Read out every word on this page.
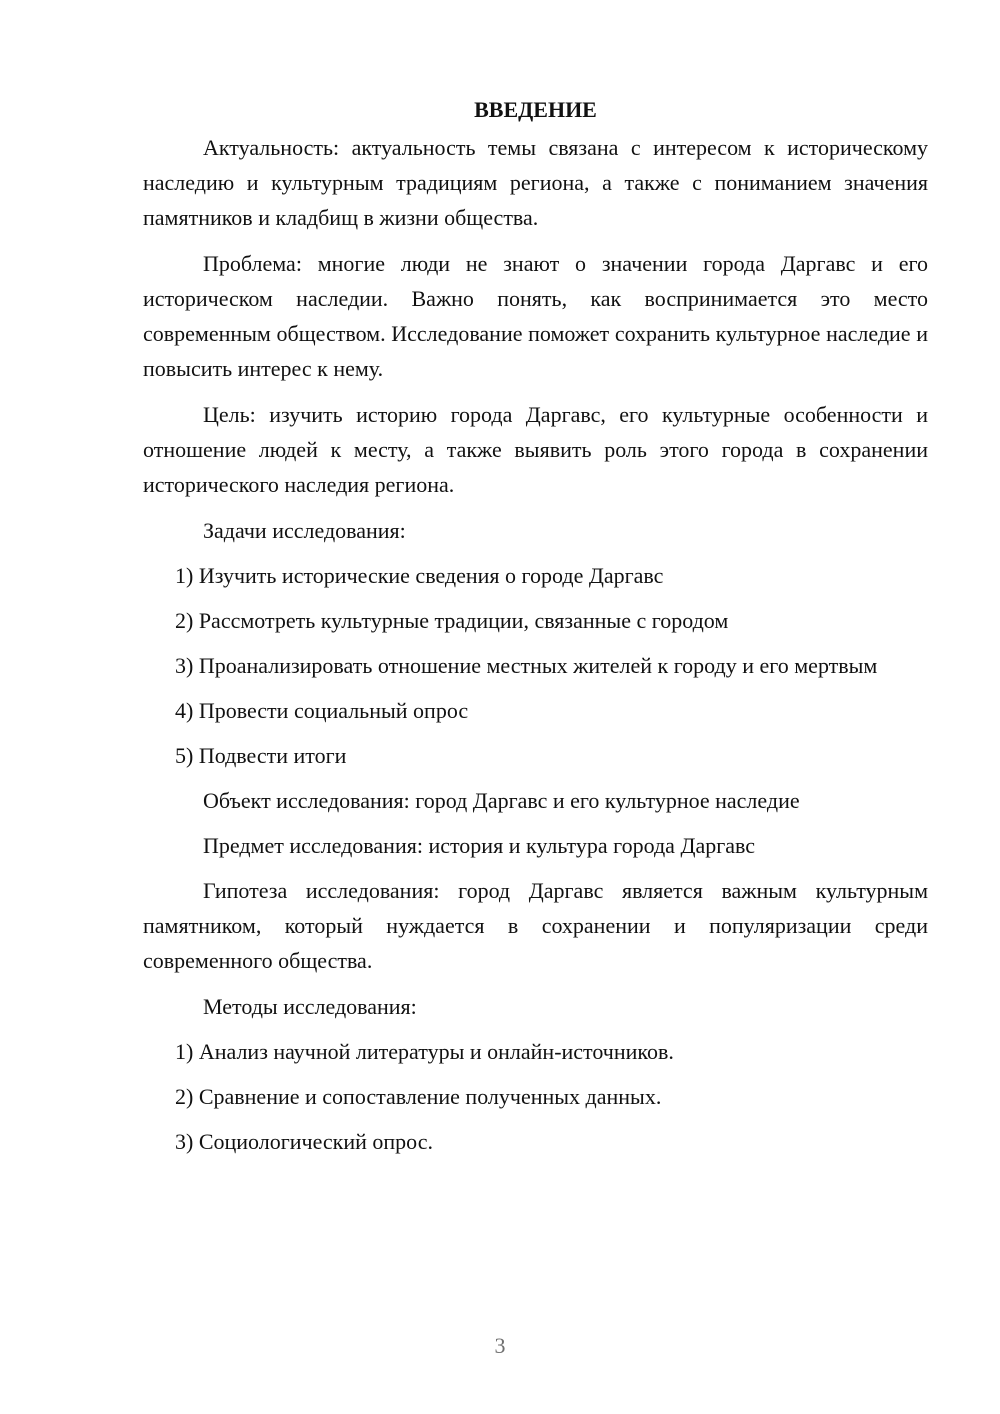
ВВЕДЕНИЕ

Актуальность: актуальность темы связана с интересом к историческому наследию и культурным традициям региона, а также с пониманием значения памятников и кладбищ в жизни общества.

Проблема: многие люди не знают о значении города Даргавс и его историческом наследии. Важно понять, как воспринимается это место современным обществом. Исследование поможет сохранить культурное наследие и повысить интерес к нему.

Цель: изучить историю города Даргавс, его культурные особенности и отношение людей к месту, а также выявить роль этого города в сохранении исторического наследия региона.

Задачи исследования:

1) Изучить исторические сведения о городе Даргавс

2) Рассмотреть культурные традиции, связанные с городом

3) Проанализировать отношение местных жителей к городу и его мертвым

4) Провести социальный опрос

5) Подвести итоги

Объект исследования: город Даргавс и его культурное наследие

Предмет исследования: история и культура города Даргавс

Гипотеза исследования: город Даргавс является важным культурным памятником, который нуждается в сохранении и популяризации среди современного общества.

Методы исследования:

1) Анализ научной литературы и онлайн-источников.

2) Сравнение и сопоставление полученных данных.

3) Социологический опрос.

3
